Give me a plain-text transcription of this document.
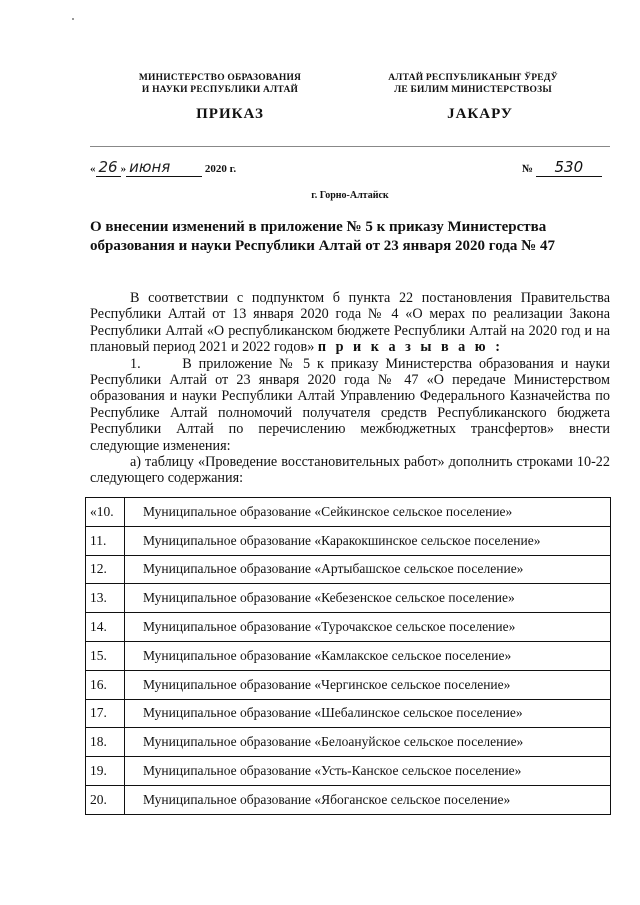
МИНИСТЕРСТВО ОБРАЗОВАНИЯ
И НАУКИ РЕСПУБЛИКИ АЛТАЙ
АЛТАЙ РЕСПУБЛИКАНЫҤ ЎРЕДЎ
ЛЕ БИЛИМ МИНИСТЕРСТВОЗЫ
ПРИКАЗ	JАКАРУ
« 26 » июня	2020 г.	№ 530
г. Горно-Алтайск
О внесении изменений в приложение № 5 к приказу Министерства образования и науки Республики Алтай от 23 января 2020 года № 47

В соответствии с подпунктом б пункта 22 постановления Правительства Республики Алтай от 13 января 2020 года № 4 «О мерах по реализации Закона Республики Алтай «О республиканском бюджете Республики Алтай на 2020 год и на плановый период 2021 и 2022 годов» п р и к а з ы в а ю :

1.      В приложение № 5 к приказу Министерства образования и науки Республики Алтай от 23 января 2020 года № 47 «О передаче Министерством образования и науки Республики Алтай Управлению Федерального Казначейства по Республике Алтай полномочий получателя средств Республиканского бюджета Республики Алтай по перечислению межбюджетных трансфертов» внести следующие изменения:

а) таблицу «Проведение восстановительных работ» дополнить строками 10-22 следующего содержания:

«10.	Муниципальное образование «Сейкинское сельское поселение»
11.	Муниципальное образование «Каракокшинское сельское поселение»
12.	Муниципальное образование «Артыбашское сельское поселение»
13.	Муниципальное образование «Кебезенское сельское поселение»
14.	Муниципальное образование «Турочакское сельское поселение»
15.	Муниципальное образование «Камлакское сельское поселение»
16.	Муниципальное образование «Чергинское сельское поселение»
17.	Муниципальное образование «Шебалинское сельское поселение»
18.	Муниципальное образование «Белоануйское сельское поселение»
19.	Муниципальное образование «Усть-Канское сельское поселение»
20.	Муниципальное образование «Ябоганское сельское поселение»
